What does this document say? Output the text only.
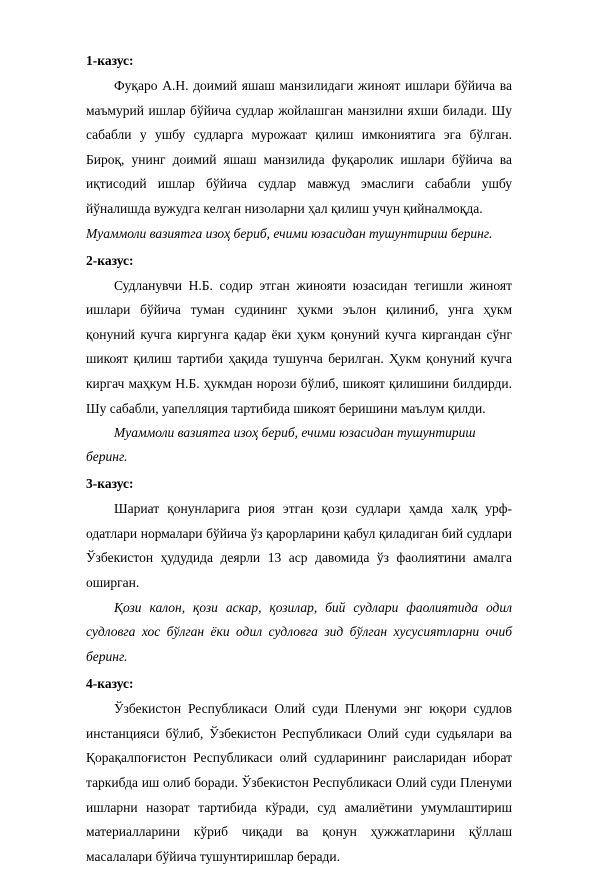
1-казус:

Фуқаро А.Н. доимий яшаш манзилидаги жиноят ишлари бўйича ва маъмурий ишлар бўйича судлар жойлашган манзилни яхши билади. Шу сабабли у ушбу судларга мурожаат қилиш имкониятига эга бўлган. Бироқ, унинг доимий яшаш манзилида фуқаролик ишлари бўйича ва иқтисодий ишлар бўйича судлар мавжуд эмаслиги сабабли ушбу йўналишда вужудга келган низоларни ҳал қилиш учун қийналмоқда.

Муаммоли вазиятга изоҳ бериб, ечими юзасидан тушунтириш беринг.

2-казус:

Судланувчи Н.Б. содир этган жинояти юзасидан тегишли жиноят ишлари бўйича туман судининг ҳукми эълон қилиниб, унга ҳукм қонуний кучга киргунга қадар ёки ҳукм қонуний кучга киргандан сўнг шикоят қилиш тартиби ҳақида тушунча берилган. Ҳукм қонуний кучга киргач маҳкум Н.Б. ҳукмдан норози бўлиб, шикоят қилишини билдирди. Шу сабабли, уапелляция тартибида шикоят беришини маълум қилди.

Муаммоли вазиятга изоҳ бериб, ечими юзасидан тушунтириш беринг.

3-казус:

Шариат қонунларига риоя этган қози судлари ҳамда халқ урф-одатлари нормалари бўйича ўз қарорларини қабул қиладиган бий судлари Ўзбекистон ҳудудида деярли 13 аср давомида ўз фаолиятини амалга оширган.

Қози калон, қози аскар, қозилар, бий судлари фаолиятида одил судловга хос бўлган ёки одил судловга зид бўлган хусусиятларни очиб беринг.

4-казус:

Ўзбекистон Республикаси Олий суди Пленуми энг юқори судлов инстанцияси бўлиб, Ўзбекистон Республикаси Олий суди судьялари ва Қорақалпоғистон Республикаси олий судларининг раисларидан иборат таркибда иш олиб боради. Ўзбекистон Республикаси Олий суди Пленуми ишларни назорат тартибида кўради, суд амалиётини умумлаштириш материалларини кўриб чиқади ва қонун ҳужжатларини қўллаш масалалари бўйича тушунтиришлар беради.
